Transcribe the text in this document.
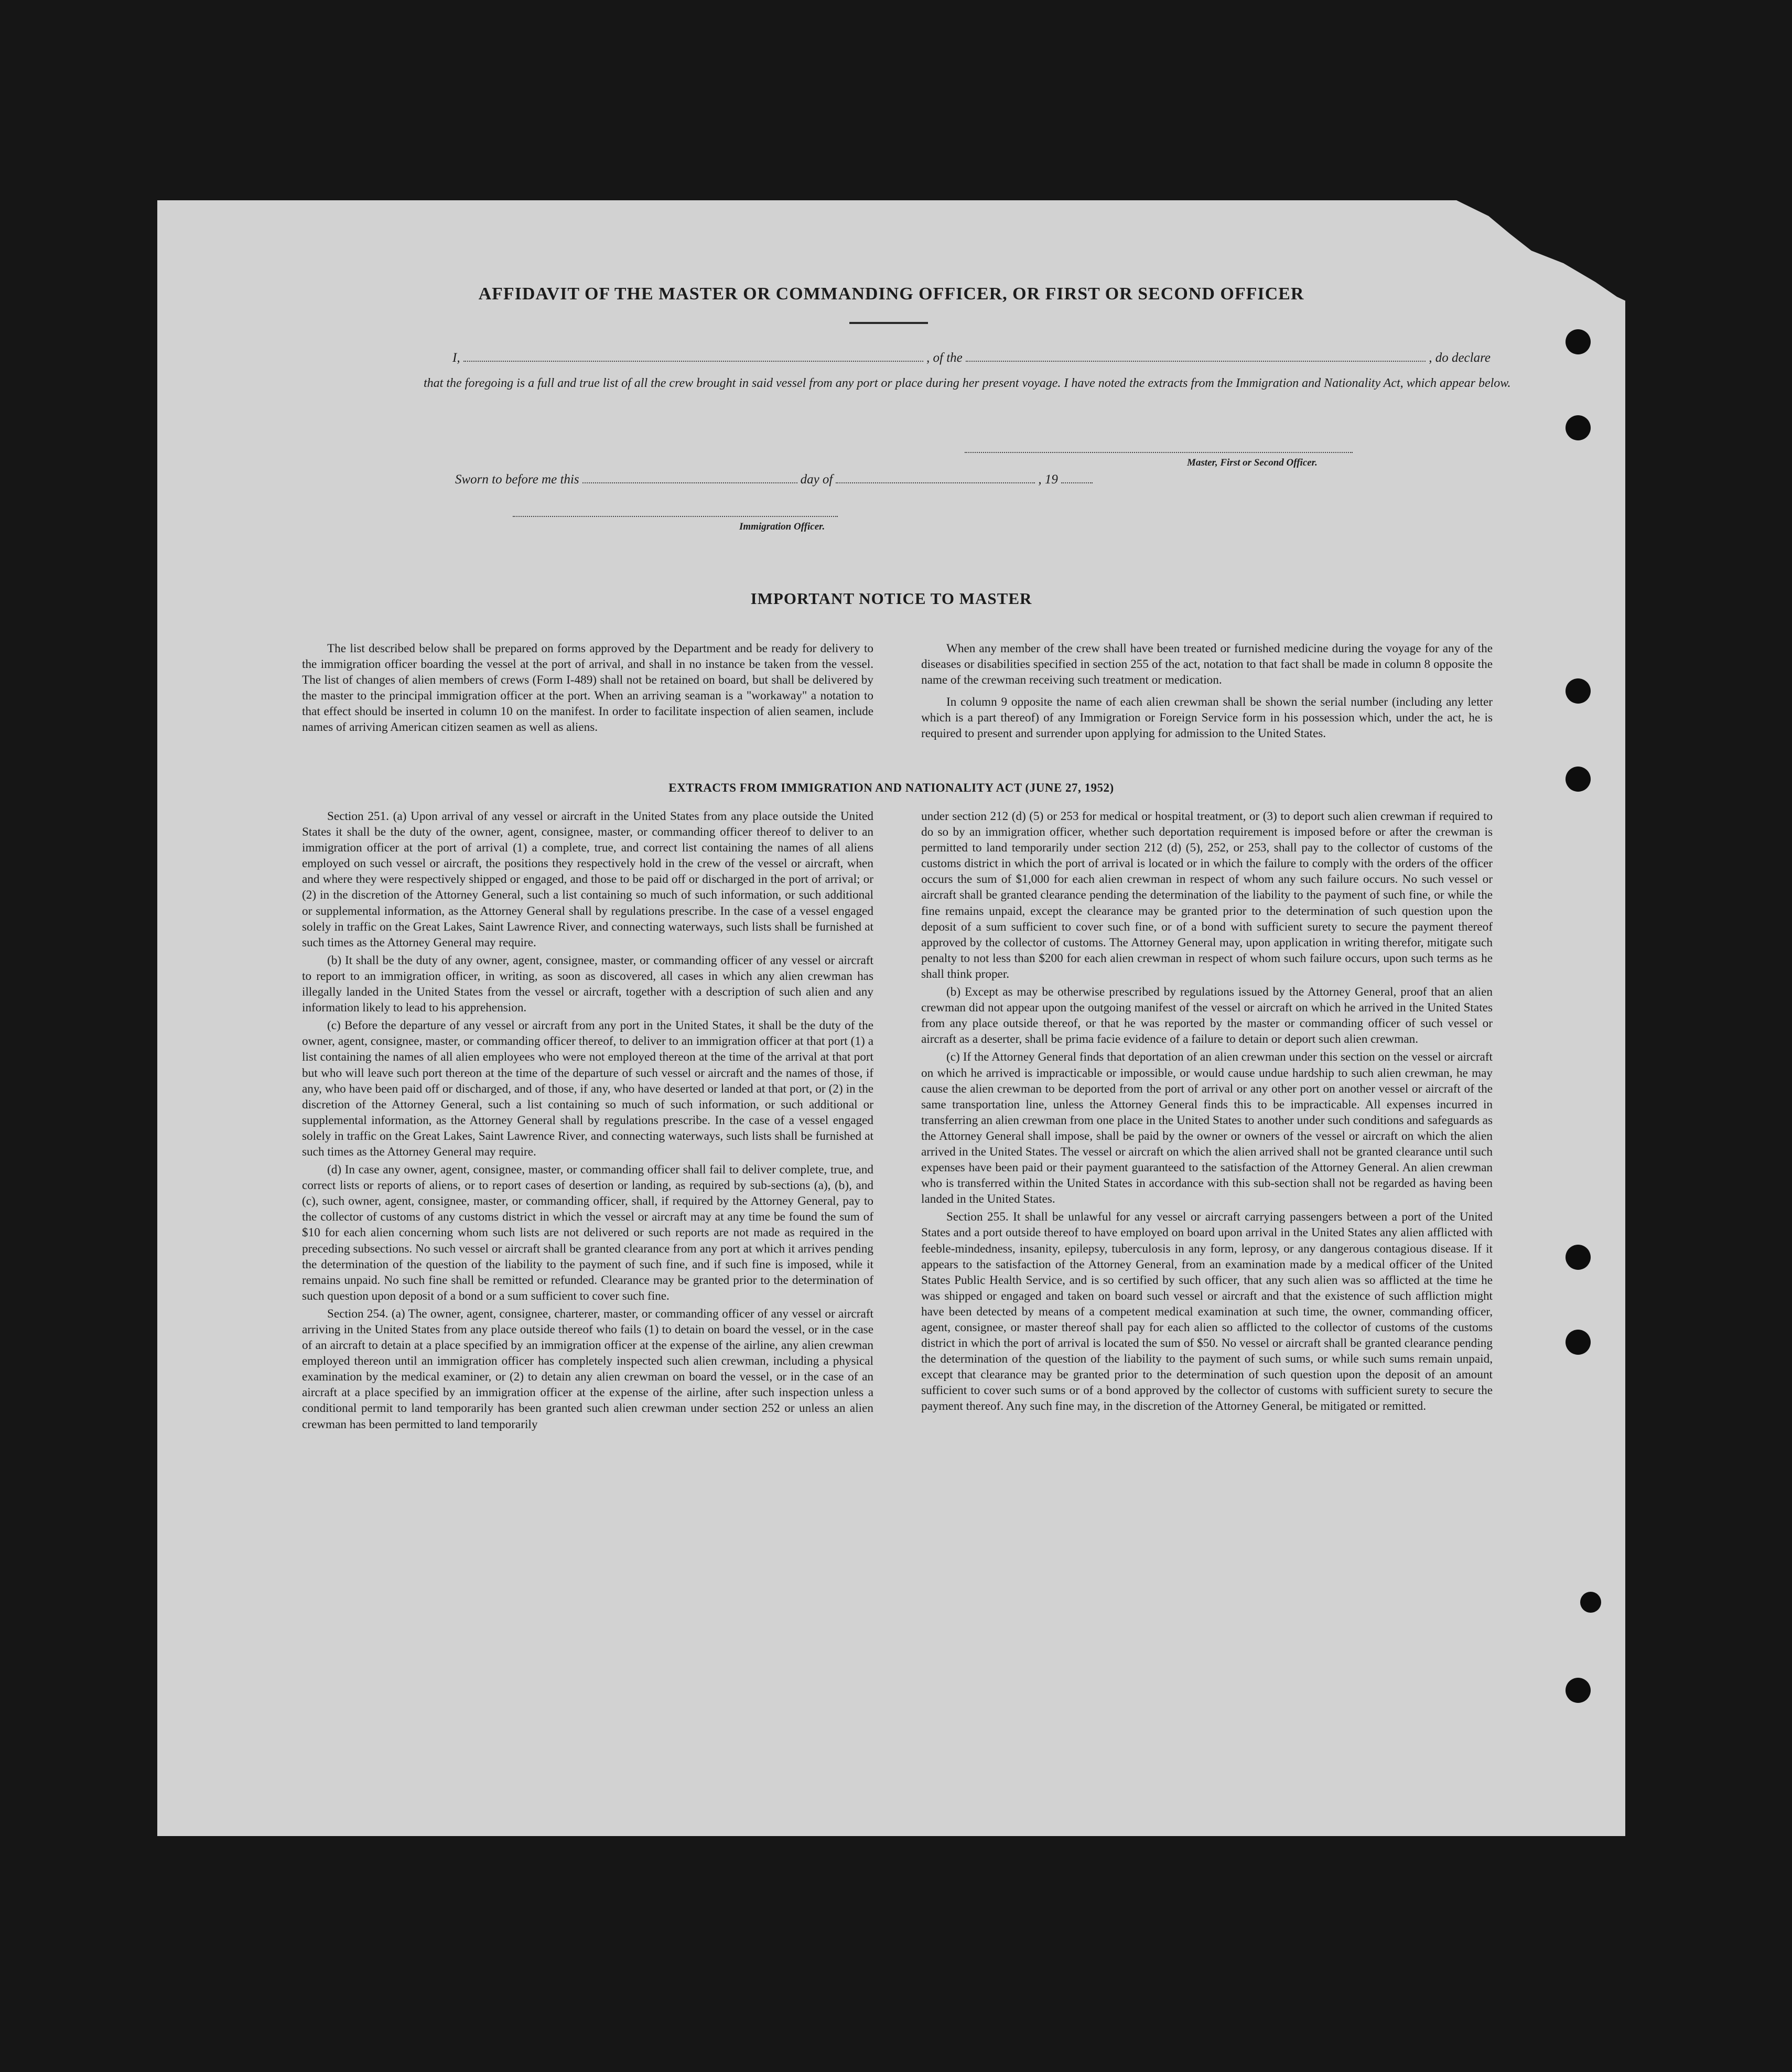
AFFIDAVIT OF THE MASTER OR COMMANDING OFFICER, OR FIRST OR SECOND OFFICER
I,	, of the	, do declare
that the foregoing is a full and true list of all the crew brought in said vessel from any port or place during her present voyage. I have noted the extracts from the Immigration and Nationality Act, which appear below.
Master, First or Second Officer.
Sworn to before me this	day of	, 19
Immigration Officer.
IMPORTANT NOTICE TO MASTER

The list described below shall be prepared on forms approved by the Department and be ready for delivery to the immigration officer boarding the vessel at the port of arrival, and shall in no instance be taken from the vessel. The list of changes of alien members of crews (Form I-489) shall not be retained on board, but shall be delivered by the master to the principal immigration officer at the port. When an arriving seaman is a "workaway" a notation to that effect should be inserted in column 10 on the manifest. In order to facilitate inspection of alien seamen, include names of arriving American citizen seamen as well as aliens.

When any member of the crew shall have been treated or furnished medicine during the voyage for any of the diseases or disabilities specified in section 255 of the act, notation to that fact shall be made in column 8 opposite the name of the crewman receiving such treatment or medication.

In column 9 opposite the name of each alien crewman shall be shown the serial number (including any letter which is a part thereof) of any Immigration or Foreign Service form in his possession which, under the act, he is required to present and surrender upon applying for admission to the United States.

EXTRACTS FROM IMMIGRATION AND NATIONALITY ACT (JUNE 27, 1952)

Section 251. (a) Upon arrival of any vessel or aircraft in the United States from any place outside the United States it shall be the duty of the owner, agent, consignee, master, or commanding officer thereof to deliver to an immigration officer at the port of arrival (1) a complete, true, and correct list containing the names of all aliens employed on such vessel or aircraft, the positions they respectively hold in the crew of the vessel or aircraft, when and where they were respectively shipped or engaged, and those to be paid off or discharged in the port of arrival; or (2) in the discretion of the Attorney General, such a list containing so much of such information, or such additional or supplemental information, as the Attorney General shall by regulations prescribe. In the case of a vessel engaged solely in traffic on the Great Lakes, Saint Lawrence River, and connecting waterways, such lists shall be furnished at such times as the Attorney General may require.

(b) It shall be the duty of any owner, agent, consignee, master, or commanding officer of any vessel or aircraft to report to an immigration officer, in writing, as soon as discovered, all cases in which any alien crewman has illegally landed in the United States from the vessel or aircraft, together with a description of such alien and any information likely to lead to his apprehension.

(c) Before the departure of any vessel or aircraft from any port in the United States, it shall be the duty of the owner, agent, consignee, master, or commanding officer thereof, to deliver to an immigration officer at that port (1) a list containing the names of all alien employees who were not employed thereon at the time of the arrival at that port but who will leave such port thereon at the time of the departure of such vessel or aircraft and the names of those, if any, who have been paid off or discharged, and of those, if any, who have deserted or landed at that port, or (2) in the discretion of the Attorney General, such a list containing so much of such information, or such additional or supplemental information, as the Attorney General shall by regulations prescribe. In the case of a vessel engaged solely in traffic on the Great Lakes, Saint Lawrence River, and connecting waterways, such lists shall be furnished at such times as the Attorney General may require.

(d) In case any owner, agent, consignee, master, or commanding officer shall fail to deliver complete, true, and correct lists or reports of aliens, or to report cases of desertion or landing, as required by sub-sections (a), (b), and (c), such owner, agent, consignee, master, or commanding officer, shall, if required by the Attorney General, pay to the collector of customs of any customs district in which the vessel or aircraft may at any time be found the sum of $10 for each alien concerning whom such lists are not delivered or such reports are not made as required in the preceding subsections. No such vessel or aircraft shall be granted clearance from any port at which it arrives pending the determination of the question of the liability to the payment of such fine, and if such fine is imposed, while it remains unpaid. No such fine shall be remitted or refunded. Clearance may be granted prior to the determination of such question upon deposit of a bond or a sum sufficient to cover such fine.

Section 254. (a) The owner, agent, consignee, charterer, master, or commanding officer of any vessel or aircraft arriving in the United States from any place outside thereof who fails (1) to detain on board the vessel, or in the case of an aircraft to detain at a place specified by an immigration officer at the expense of the airline, any alien crewman employed thereon until an immigration officer has completely inspected such alien crewman, including a physical examination by the medical examiner, or (2) to detain any alien crewman on board the vessel, or in the case of an aircraft at a place specified by an immigration officer at the expense of the airline, after such inspection unless a conditional permit to land temporarily has been granted such alien crewman under section 252 or unless an alien crewman has been permitted to land temporarily

under section 212 (d) (5) or 253 for medical or hospital treatment, or (3) to deport such alien crewman if required to do so by an immigration officer, whether such deportation requirement is imposed before or after the crewman is permitted to land temporarily under section 212 (d) (5), 252, or 253, shall pay to the collector of customs of the customs district in which the port of arrival is located or in which the failure to comply with the orders of the officer occurs the sum of $1,000 for each alien crewman in respect of whom any such failure occurs. No such vessel or aircraft shall be granted clearance pending the determination of the liability to the payment of such fine, or while the fine remains unpaid, except the clearance may be granted prior to the determination of such question upon the deposit of a sum sufficient to cover such fine, or of a bond with sufficient surety to secure the payment thereof approved by the collector of customs. The Attorney General may, upon application in writing therefor, mitigate such penalty to not less than $200 for each alien crewman in respect of whom such failure occurs, upon such terms as he shall think proper.

(b) Except as may be otherwise prescribed by regulations issued by the Attorney General, proof that an alien crewman did not appear upon the outgoing manifest of the vessel or aircraft on which he arrived in the United States from any place outside thereof, or that he was reported by the master or commanding officer of such vessel or aircraft as a deserter, shall be prima facie evidence of a failure to detain or deport such alien crewman.

(c) If the Attorney General finds that deportation of an alien crewman under this section on the vessel or aircraft on which he arrived is impracticable or impossible, or would cause undue hardship to such alien crewman, he may cause the alien crewman to be deported from the port of arrival or any other port on another vessel or aircraft of the same transportation line, unless the Attorney General finds this to be impracticable. All expenses incurred in transferring an alien crewman from one place in the United States to another under such conditions and safeguards as the Attorney General shall impose, shall be paid by the owner or owners of the vessel or aircraft on which the alien arrived in the United States. The vessel or aircraft on which the alien arrived shall not be granted clearance until such expenses have been paid or their payment guaranteed to the satisfaction of the Attorney General. An alien crewman who is transferred within the United States in accordance with this sub-section shall not be regarded as having been landed in the United States.

Section 255. It shall be unlawful for any vessel or aircraft carrying passengers between a port of the United States and a port outside thereof to have employed on board upon arrival in the United States any alien afflicted with feeble-mindedness, insanity, epilepsy, tuberculosis in any form, leprosy, or any dangerous contagious disease. If it appears to the satisfaction of the Attorney General, from an examination made by a medical officer of the United States Public Health Service, and is so certified by such officer, that any such alien was so afflicted at the time he was shipped or engaged and taken on board such vessel or aircraft and that the existence of such affliction might have been detected by means of a competent medical examination at such time, the owner, commanding officer, agent, consignee, or master thereof shall pay for each alien so afflicted to the collector of customs of the customs district in which the port of arrival is located the sum of $50. No vessel or aircraft shall be granted clearance pending the determination of the question of the liability to the payment of such sums, or while such sums remain unpaid, except that clearance may be granted prior to the determination of such question upon the deposit of an amount sufficient to cover such sums or of a bond approved by the collector of customs with sufficient surety to secure the payment thereof. Any such fine may, in the discretion of the Attorney General, be mitigated or remitted.
